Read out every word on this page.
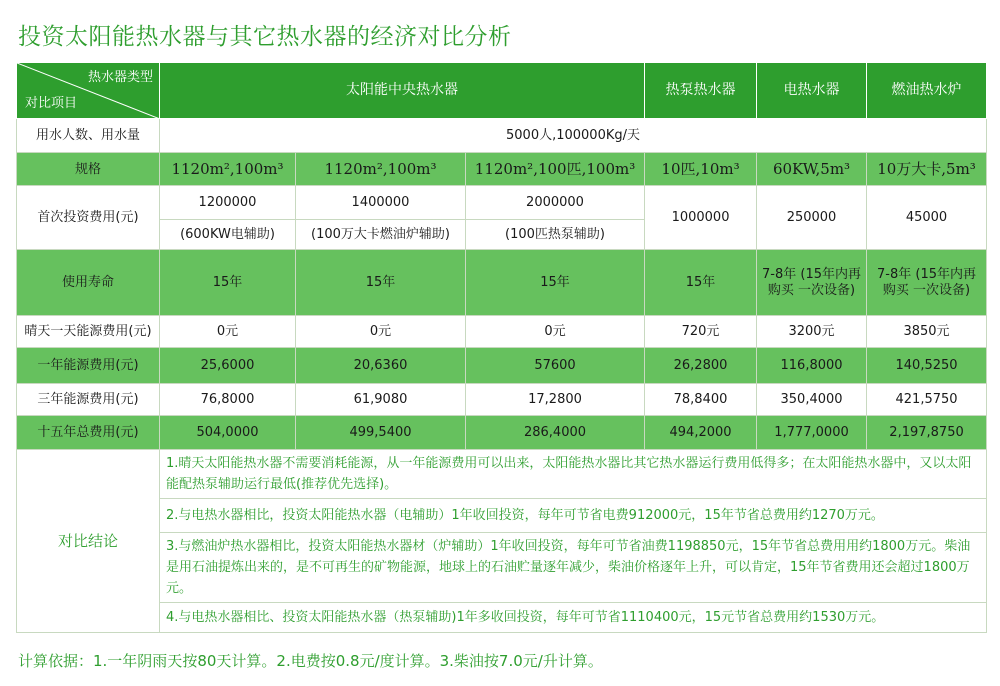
投资太阳能热水器与其它热水器的经济对比分析
热水器类型
对比项目	太阳能中央热水器			热泵热水器	电热水器	燃油热水炉
用水人数、用水量	5000人,100000Kg/天					
规格	1120m²,100m³	1120m²,100m³	1120m²,100匹,100m³	10匹,10m³	60KW,5m³	10万大卡,5m³
首次投资费用(元)	1200000	1400000	2000000	1000000	250000	45000
	(600KW电辅助)	(100万大卡燃油炉辅助)	(100匹热泵辅助)			
使用寿命	15年	15年	15年	15年	7-8年 (15年内再购买 一次设备)	7-8年 (15年内再购买 一次设备)
晴天一天能源费用(元)	0元	0元	0元	720元	3200元	3850元
一年能源费用(元)	25,6000	20,6360	57600	26,2800	116,8000	140,5250
三年能源费用(元)	76,8000	61,9080	17,2800	78,8400	350,4000	421,5750
十五年总费用(元)	504,0000	499,5400	286,4000	494,2000	1,777,0000	2,197,8750
对比结论	1.晴天太阳能热水器不需要消耗能源，从一年能源费用可以出来，太阳能热水器比其它热水器运行费用低得多；在太阳能热水器中，又以太阳能配热泵辅助运行最低(推荐优先选择)。					
	2.与电热水器相比，投资太阳能热水器（电辅助）1年收回投资，每年可节省电费912000元，15年节省总费用约1270万元。					
	3.与燃油炉热水器相比，投资太阳能热水器材（炉辅助）1年收回投资，每年可节省油费1198850元，15年节省总费用用约1800万元。柴油是用石油提炼出来的，是不可再生的矿物能源，地球上的石油贮量逐年减少，柴油价格逐年上升，可以肯定，15年节省费用还会超过1800万元。					
	4.与电热水器相比、投资太阳能热水器（热泵辅助)1年多收回投资，每年可节省1110400元，15元节省总费用约1530万元。					
计算依据：1.一年阴雨天按80天计算。2.电费按0.8元/度计算。3.柴油按7.0元/升计算。
